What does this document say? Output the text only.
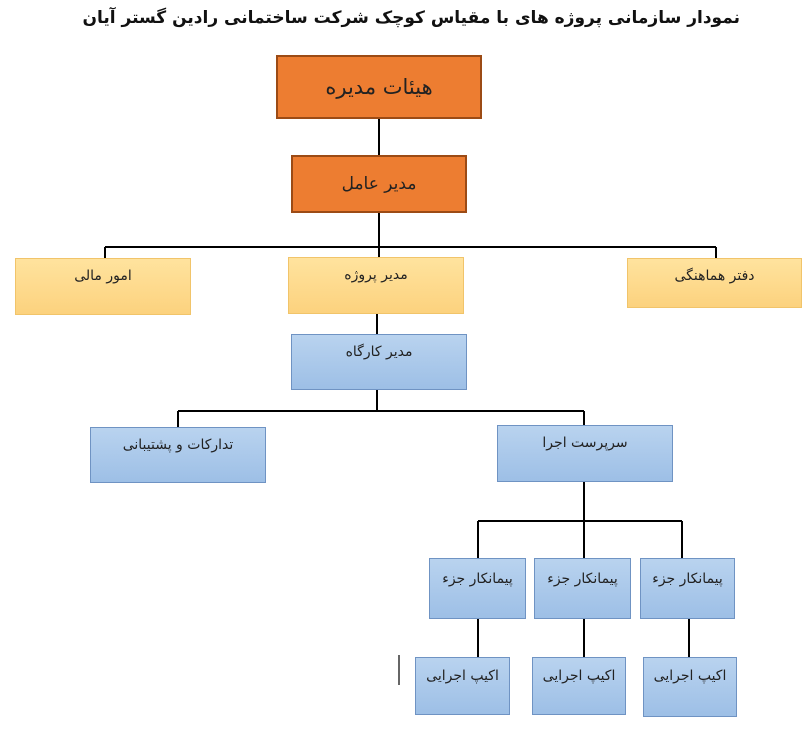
نمودار سازمانی پروژه های با مقیاس کوچک شرکت ساختمانی رادین گستر آیان
هیئات مدیره
مدیر عامل
امور مالی	مدیر پروژه	دفتر هماهنگی
مدیر کارگاه
تدارکات و پشتیبانی	سرپرست اجرا
پیمانکار جزء پیمانکار جزء پیمانکار جزء
اکیپ اجرایی	اکیپ اجرایی	اکیپ اجرایی
